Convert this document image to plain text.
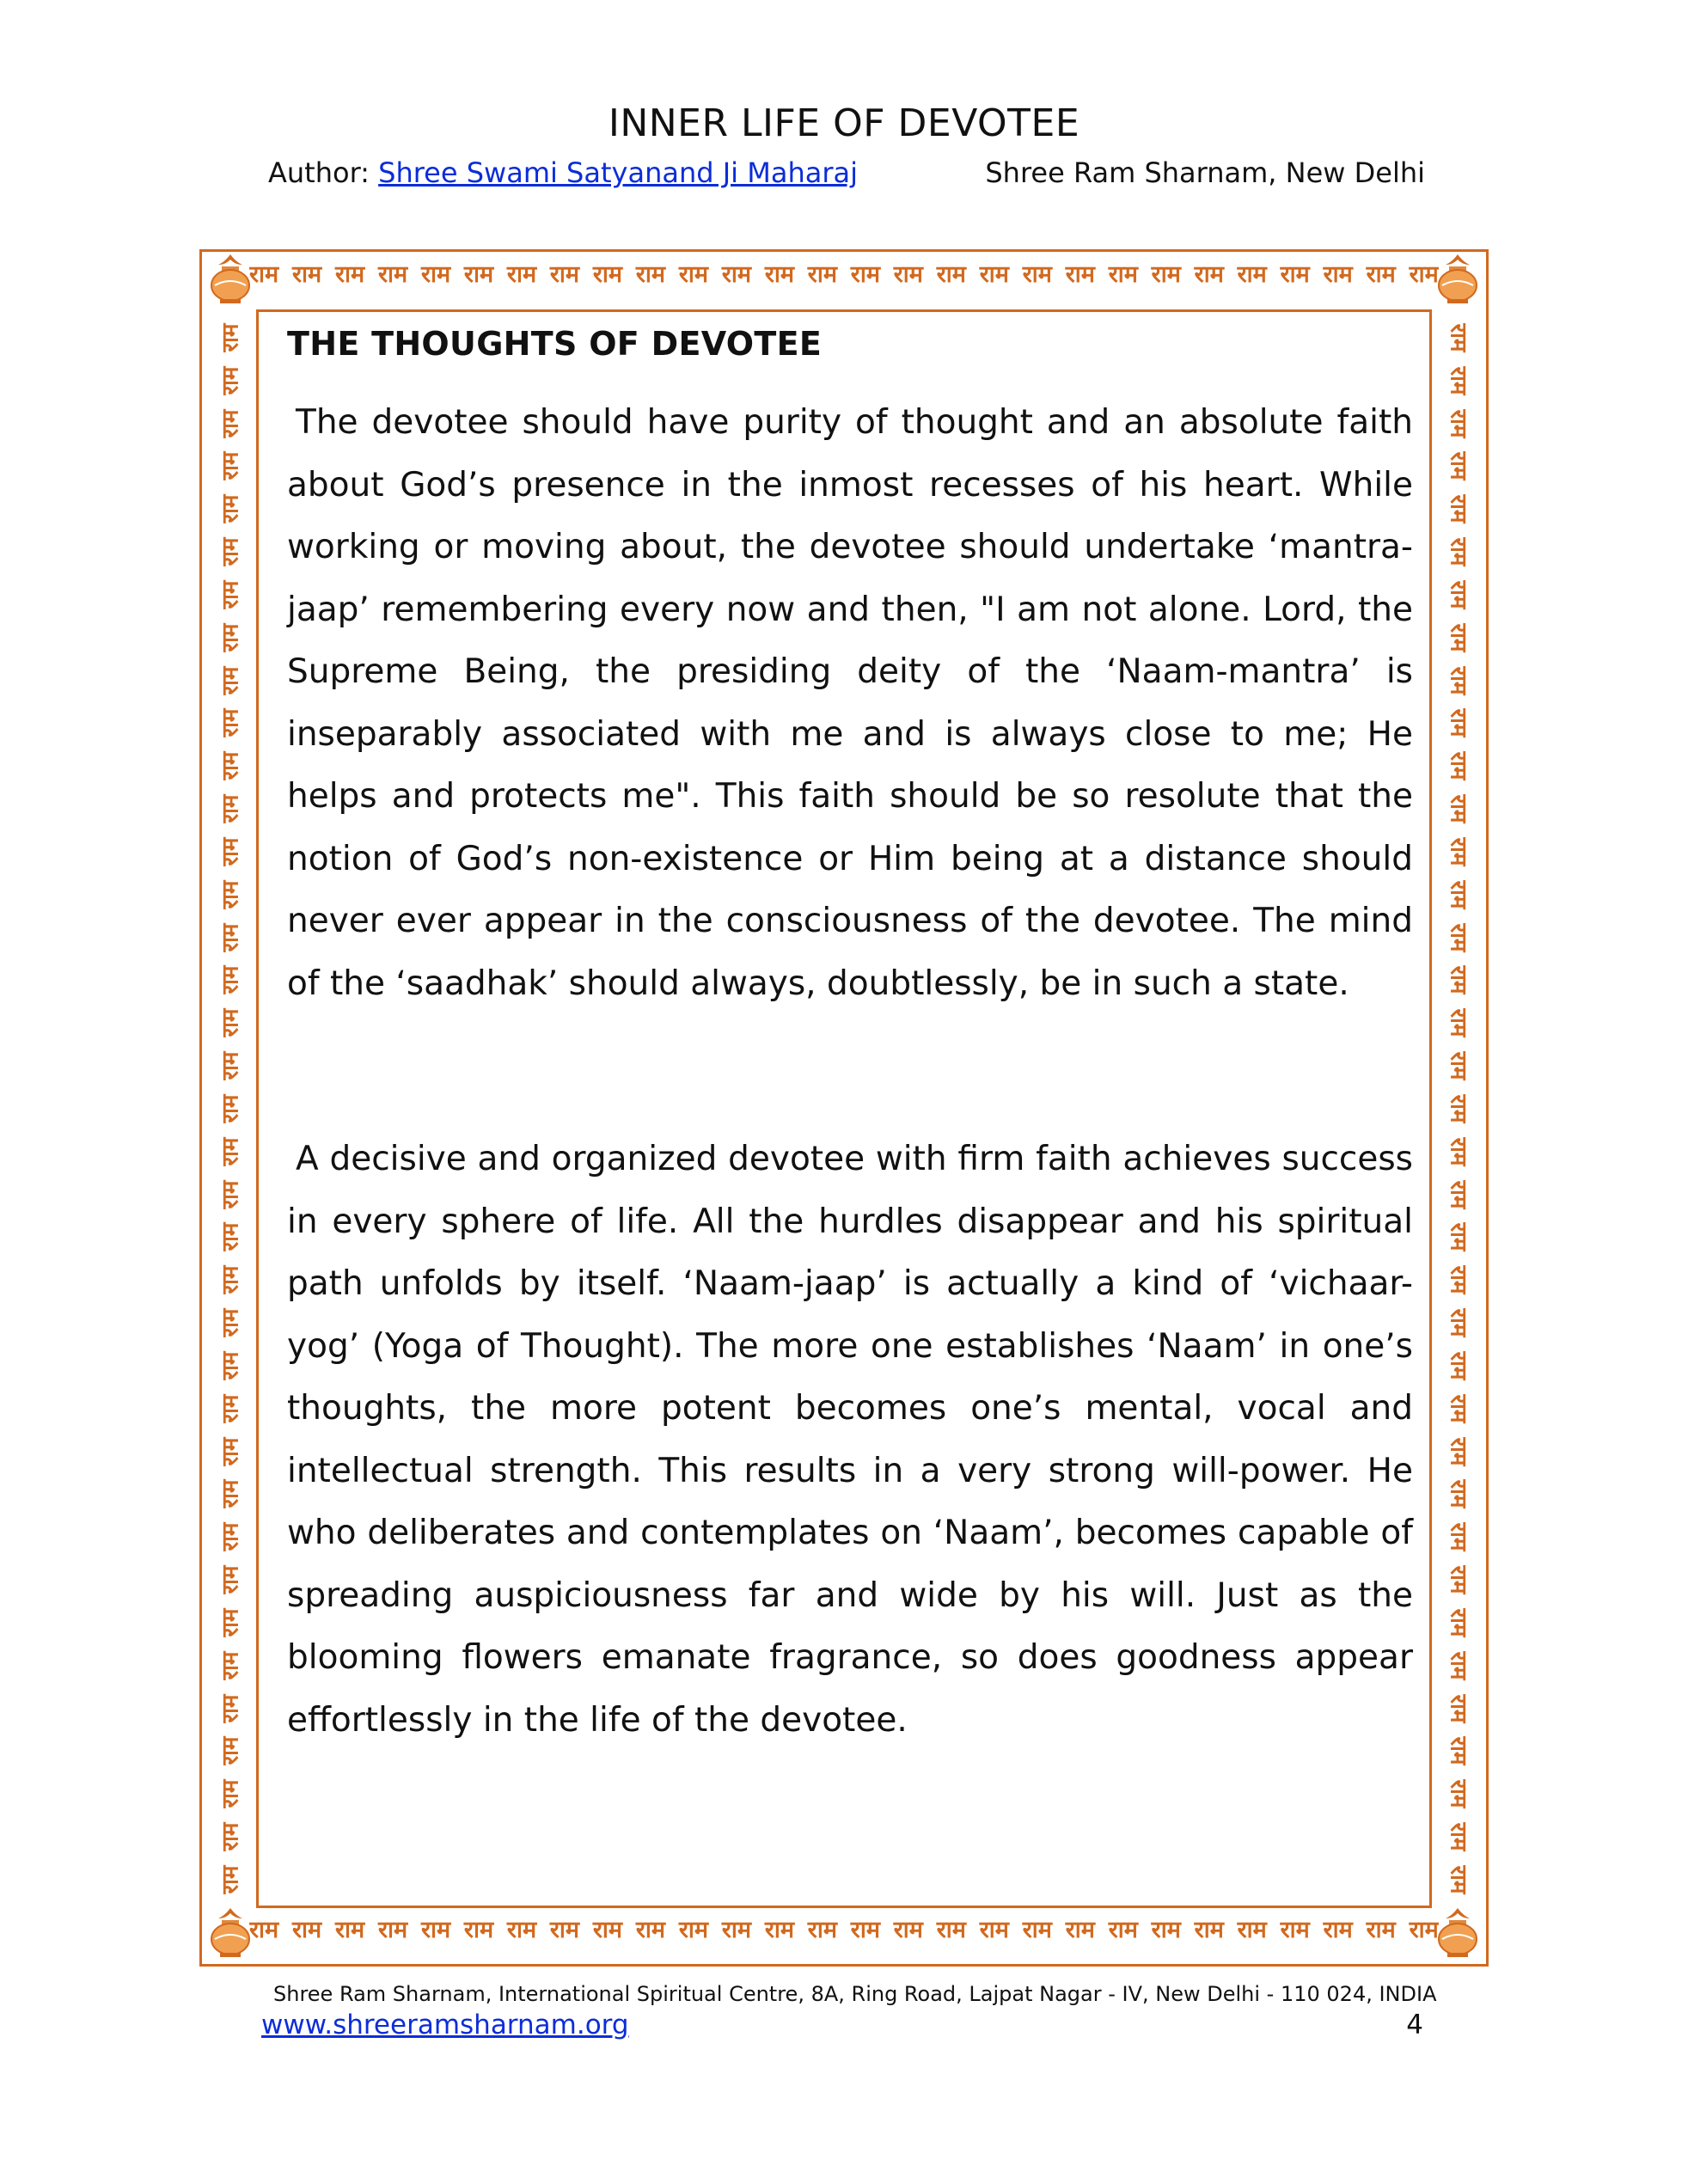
INNER LIFE OF DEVOTEE
Author: Shree Swami Satyanand Ji Maharaj	Shree Ram Sharnam, New Delhi
राम राम राम राम राम राम राम राम राम राम राम राम राम राम राम राम राम राम राम राम राम राम राम राम राम राम राम राम
राम राम राम राम राम राम राम राम राम राम राम राम राम राम राम राम राम राम राम राम राम राम राम राम राम राम राम राम
राम
राम
राम
राम
राम
राम
राम
राम
राम
राम
राम
राम
राम
राम
राम
राम
राम
राम
राम
राम
राम
राम
राम
राम
राम
राम
राम
राम
राम
राम
राम
राम
राम
राम
राम
राम
राम
राम
राम
राम
राम
राम
राम
राम
राम
राम
राम
राम
राम
राम
राम
राम
राम
राम
राम
राम
राम
राम
राम
राम
राम
राम
राम
राम
राम
राम
राम
राम
राम
राम
राम
राम
राम
राम
THE THOUGHTS OF DEVOTEE

The devotee should have purity of thought and an absolute faith about God’s presence in the inmost recesses of his heart. While working or moving about, the devotee should undertake ‘mantra-jaap’ remembering every now and then, "I am not alone. Lord, the Supreme Being, the presiding deity of the ‘Naam-mantra’ is inseparably associated with me and is always close to me; He helps and protects me". This faith should be so resolute that the notion of God’s non-existence or Him being at a distance should never ever appear in the consciousness of the devotee. The mind of the ‘saadhak’ should always, doubtlessly, be in such a state.

A decisive and organized devotee with firm faith achieves success in every sphere of life. All the hurdles disappear and his spiritual path unfolds by itself. ‘Naam-jaap’ is actually a kind of ‘vichaar-yog’ (Yoga of Thought). The more one establishes ‘Naam’ in one’s thoughts, the more potent becomes one’s mental, vocal and intellectual strength. This results in a very strong will-power. He who deliberates and contemplates on ‘Naam’, becomes capable of spreading auspiciousness far and wide by his will. Just as the blooming flowers emanate fragrance, so does goodness appear effortlessly in the life of the devotee.

Shree Ram Sharnam, International Spiritual Centre, 8A, Ring Road, Lajpat Nagar - IV, New Delhi - 110 024, INDIA
www.shreeramsharnam.org	4
